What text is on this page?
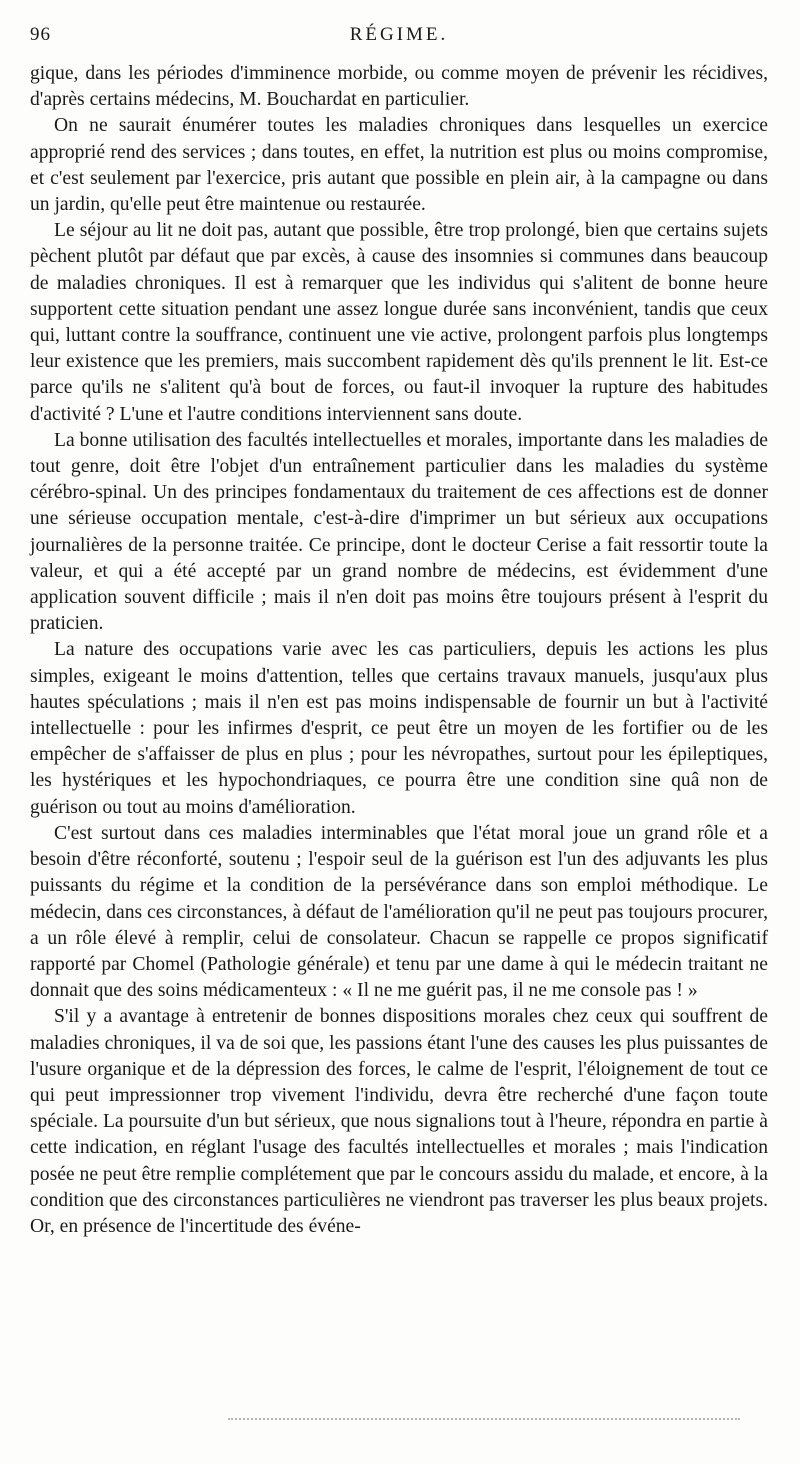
96	RÉGIME.

gique, dans les périodes d'imminence morbide, ou comme moyen de prévenir les récidives, d'après certains médecins, M. Bouchardat en particulier.

On ne saurait énumérer toutes les maladies chroniques dans lesquelles un exercice approprié rend des services ; dans toutes, en effet, la nutrition est plus ou moins compromise, et c'est seulement par l'exercice, pris autant que possible en plein air, à la campagne ou dans un jardin, qu'elle peut être maintenue ou restaurée.

Le séjour au lit ne doit pas, autant que possible, être trop prolongé, bien que certains sujets pèchent plutôt par défaut que par excès, à cause des insomnies si communes dans beaucoup de maladies chroniques. Il est à remarquer que les individus qui s'alitent de bonne heure supportent cette situation pendant une assez longue durée sans inconvénient, tandis que ceux qui, luttant contre la souffrance, continuent une vie active, prolongent parfois plus longtemps leur existence que les premiers, mais succombent rapidement dès qu'ils prennent le lit. Est-ce parce qu'ils ne s'alitent qu'à bout de forces, ou faut-il invoquer la rupture des habitudes d'activité ? L'une et l'autre conditions interviennent sans doute.

La bonne utilisation des facultés intellectuelles et morales, importante dans les maladies de tout genre, doit être l'objet d'un entraînement particulier dans les maladies du système cérébro-spinal. Un des principes fondamentaux du traitement de ces affections est de donner une sérieuse occupation mentale, c'est-à-dire d'imprimer un but sérieux aux occupations journalières de la personne traitée. Ce principe, dont le docteur Cerise a fait ressortir toute la valeur, et qui a été accepté par un grand nombre de médecins, est évidemment d'une application souvent difficile ; mais il n'en doit pas moins être toujours présent à l'esprit du praticien.

La nature des occupations varie avec les cas particuliers, depuis les actions les plus simples, exigeant le moins d'attention, telles que certains travaux manuels, jusqu'aux plus hautes spéculations ; mais il n'en est pas moins indispensable de fournir un but à l'activité intellectuelle : pour les infirmes d'esprit, ce peut être un moyen de les fortifier ou de les empêcher de s'affaisser de plus en plus ; pour les névropathes, surtout pour les épileptiques, les hystériques et les hypochondriaques, ce pourra être une condition sine quâ non de guérison ou tout au moins d'amélioration.

C'est surtout dans ces maladies interminables que l'état moral joue un grand rôle et a besoin d'être réconforté, soutenu ; l'espoir seul de la guérison est l'un des adjuvants les plus puissants du régime et la condition de la persévérance dans son emploi méthodique. Le médecin, dans ces circonstances, à défaut de l'amélioration qu'il ne peut pas toujours procurer, a un rôle élevé à remplir, celui de consolateur. Chacun se rappelle ce propos significatif rapporté par Chomel (Pathologie générale) et tenu par une dame à qui le médecin traitant ne donnait que des soins médicamenteux : « Il ne me guérit pas, il ne me console pas ! »

S'il y a avantage à entretenir de bonnes dispositions morales chez ceux qui souffrent de maladies chroniques, il va de soi que, les passions étant l'une des causes les plus puissantes de l'usure organique et de la dépression des forces, le calme de l'esprit, l'éloignement de tout ce qui peut impressionner trop vivement l'individu, devra être recherché d'une façon toute spéciale. La poursuite d'un but sérieux, que nous signalions tout à l'heure, répondra en partie à cette indication, en réglant l'usage des facultés intellectuelles et morales ; mais l'indication posée ne peut être remplie complétement que par le concours assidu du malade, et encore, à la condition que des circonstances particulières ne viendront pas traverser les plus beaux projets. Or, en présence de l'incertitude des événe-
